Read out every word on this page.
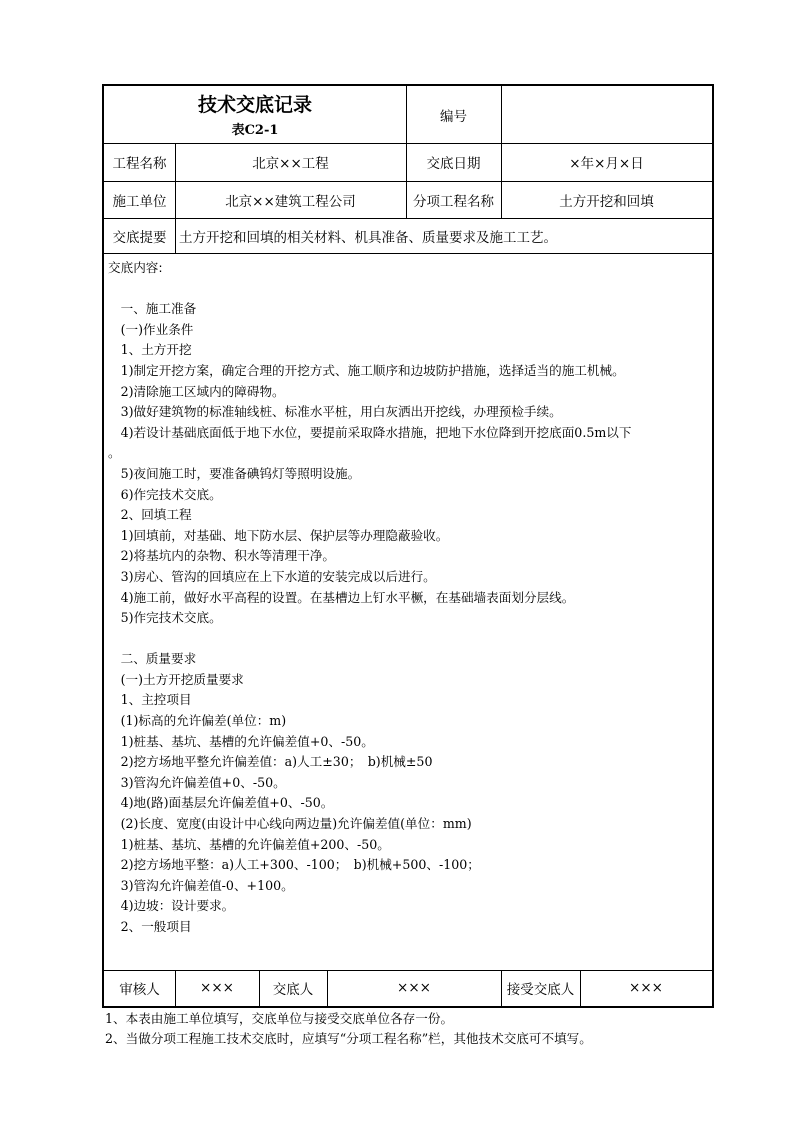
技术交底记录
表C2-1
编号
工程名称	北京××工程	交底日期	×年×月×日
施工单位	北京××建筑工程公司	分项工程名称	土方开挖和回填
交底提要 土方开挖和回填的相关材料、机具准备、质量要求及施工工艺。
交底内容:
　一、施工准备
　(一)作业条件
　1、土方开挖
　1)制定开挖方案，确定合理的开挖方式、施工顺序和边坡防护措施，选择适当的施工机械。
　2)清除施工区域内的障碍物。
　3)做好建筑物的标准轴线桩、标准水平桩，用白灰洒出开挖线，办理预检手续。
　4)若设计基础底面低于地下水位，要提前采取降水措施，把地下水位降到开挖底面0.5m以下
。
　5)夜间施工时，要准备碘钨灯等照明设施。
　6)作完技术交底。
　2、回填工程
　1)回填前，对基础、地下防水层、保护层等办理隐蔽验收。
　2)将基坑内的杂物、积水等清理干净。
　3)房心、管沟的回填应在上下水道的安装完成以后进行。
　4)施工前，做好水平高程的设置。在基槽边上钉水平橛，在基础墙表面划分层线。
　5)作完技术交底。
　二、质量要求
　(一)土方开挖质量要求
　1、主控项目
　(1)标高的允许偏差(单位：m)
　1)桩基、基坑、基槽的允许偏差值+0、-50。
　2)挖方场地平整允许偏差值：a)人工±30；　b)机械±50
　3)管沟允许偏差值+0、-50。
　4)地(路)面基层允许偏差值+0、-50。
　(2)长度、宽度(由设计中心线向两边量)允许偏差值(单位：mm)
　1)桩基、基坑、基槽的允许偏差值+200、-50。
　2)挖方场地平整：a)人工+300、-100；　b)机械+500、-100；
　3)管沟允许偏差值-0、+100。
　4)边坡：设计要求。
　2、一般项目
审核人	×××	交底人	×××	接受交底人	×××
1、本表由施工单位填写，交底单位与接受交底单位各存一份。
2、当做分项工程施工技术交底时，应填写“分项工程名称”栏，其他技术交底可不填写。
